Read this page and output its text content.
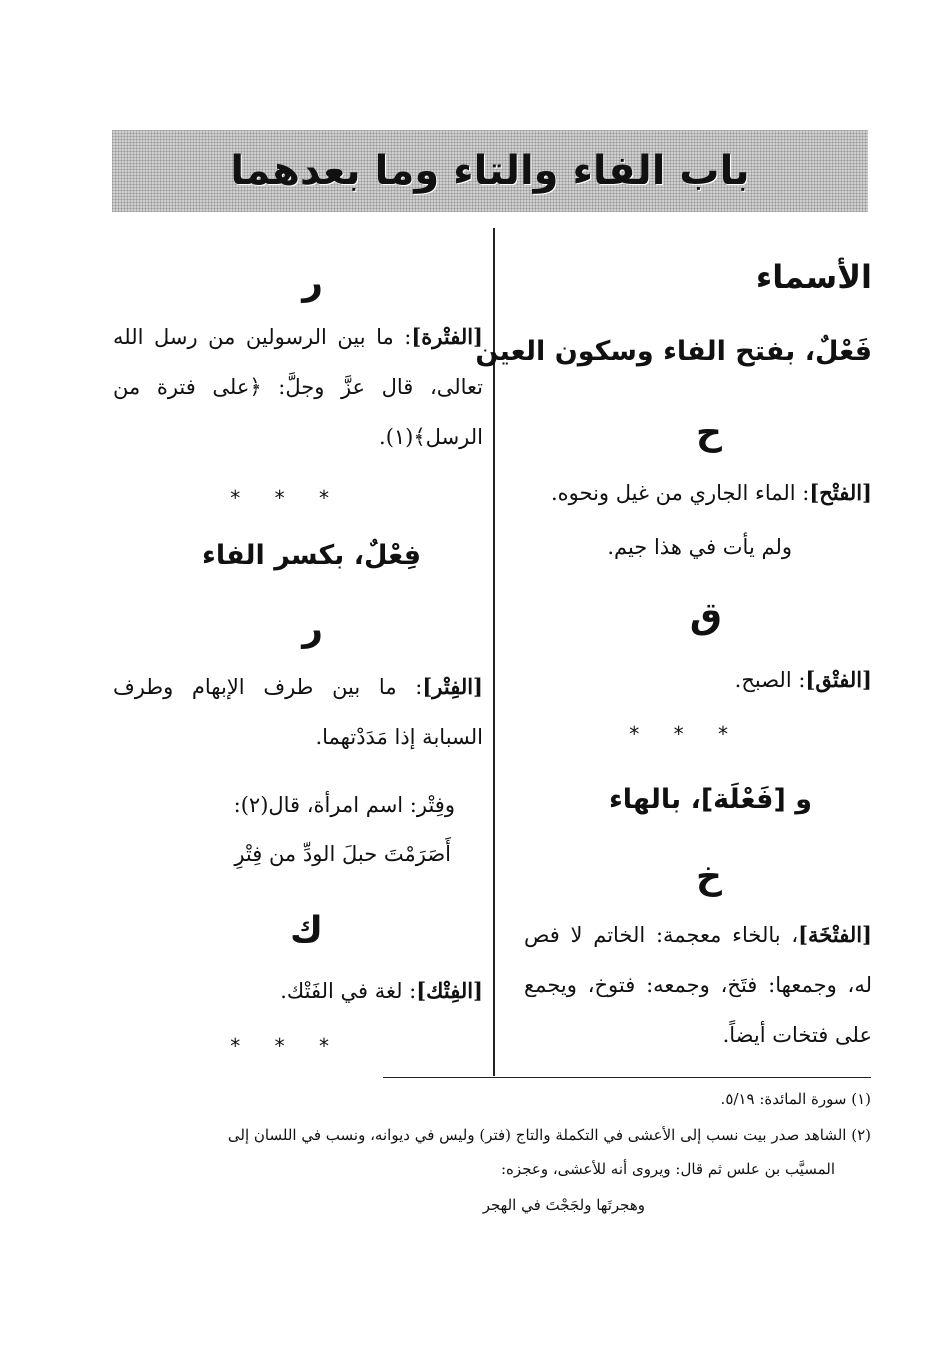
باب الفاء والتاء وما بعدهما
الأسماء
فَعْلٌ، بفتح الفاء وسكون العين
ح
[الفتْح]: الماء الجاري من غيل ونحوه.
ولم يأت في هذا جيم.
ق
[الفتْق]: الصبح.
* * *
و [فَعْلَة]، بالهاء
خ
[الفتْخَة]، بالخاء معجمة: الخاتم لا فص له، وجمعها: فتَخ، وجمعه: فتوخ، ويجمع على فتخات أيضاً.
ر
[الفتْرة]: ما بين الرسولين من رسل الله تعالى، قال عزَّ وجلَّ: ﴿على فترة من الرسل﴾(١).
* * *
فِعْلٌ، بكسر الفاء
ر
[الفِتْر]: ما بين طرف الإبهام وطرف السبابة إذا مَدَدْتهما.
وفِتْر: اسم امرأة، قال(٢):
أَصَرَمْتَ حبلَ الودِّ من فِتْرِ
ك
[الفِتْك]: لغة في الفَتْك.
* * *
(١) سورة المائدة: ٥/١٩.
(٢) الشاهد صدر بيت نسب إلى الأعشى في التكملة والتاج (فتر) وليس في ديوانه، ونسب في اللسان إلى
المسيَّب بن علس ثم قال: ويروى أنه للأعشى، وعجزه:
وهجرتَها ولجَجْتَ في الهجر
